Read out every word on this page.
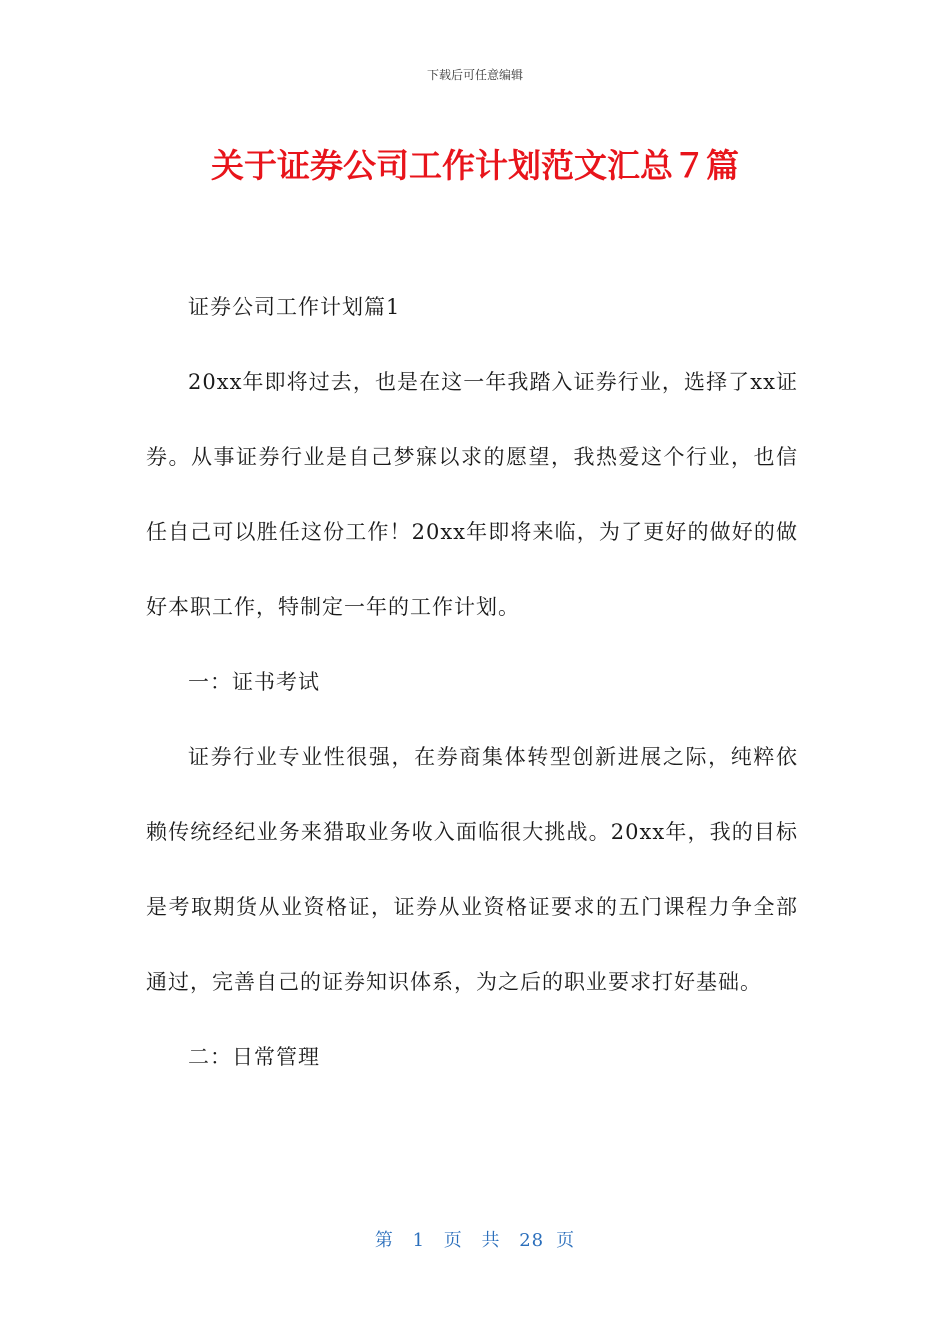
下载后可任意编辑
关于证券公司工作计划范文汇总７篇

证券公司工作计划篇1

20xx年即将过去，也是在这一年我踏入证券行业，选择了xx证券。从事证券行业是自己梦寐以求的愿望，我热爱这个行业，也信任自己可以胜任这份工作！20xx年即将来临，为了更好的做好的做好本职工作，特制定一年的工作计划。

一：证书考试

证券行业专业性很强，在券商集体转型创新进展之际，纯粹依赖传统经纪业务来猎取业务收入面临很大挑战。20xx年，我的目标是考取期货从业资格证，证券从业资格证要求的五门课程力争全部通过，完善自己的证券知识体系，为之后的职业要求打好基础。

二：日常管理

第 1 页 共 28 页
